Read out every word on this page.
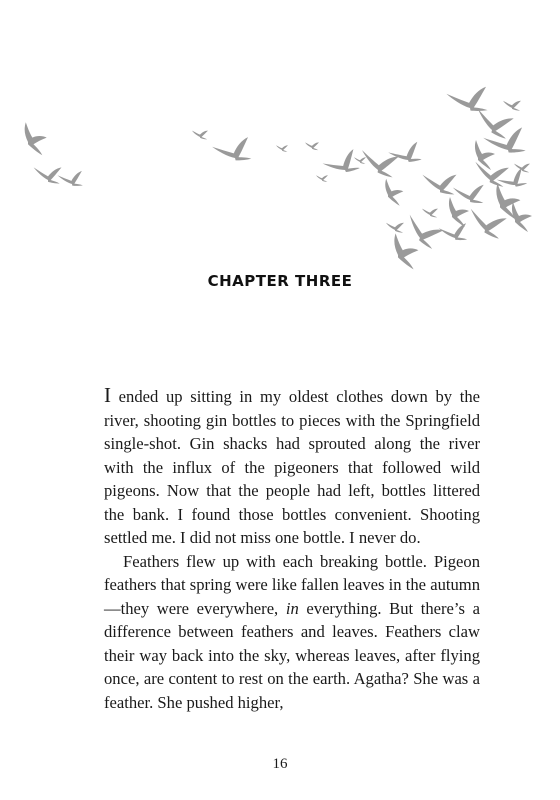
CHAPTER THREE

I ended up sitting in my oldest clothes down by the river, shooting gin bottles to pieces with the Springfield single-shot. Gin shacks had sprouted along the river with the influx of the pigeoners that followed wild pigeons. Now that the people had left, bottles littered the bank. I found those bottles convenient. Shooting settled me. I did not miss one bottle. I never do.

Feathers flew up with each breaking bottle. Pigeon feathers that spring were like fallen leaves in the autumn—they were everywhere, in everything. But there’s a difference between feathers and leaves. Feathers claw their way back into the sky, whereas leaves, after flying once, are content to rest on the earth. Agatha? She was a feather. She pushed higher,

16
